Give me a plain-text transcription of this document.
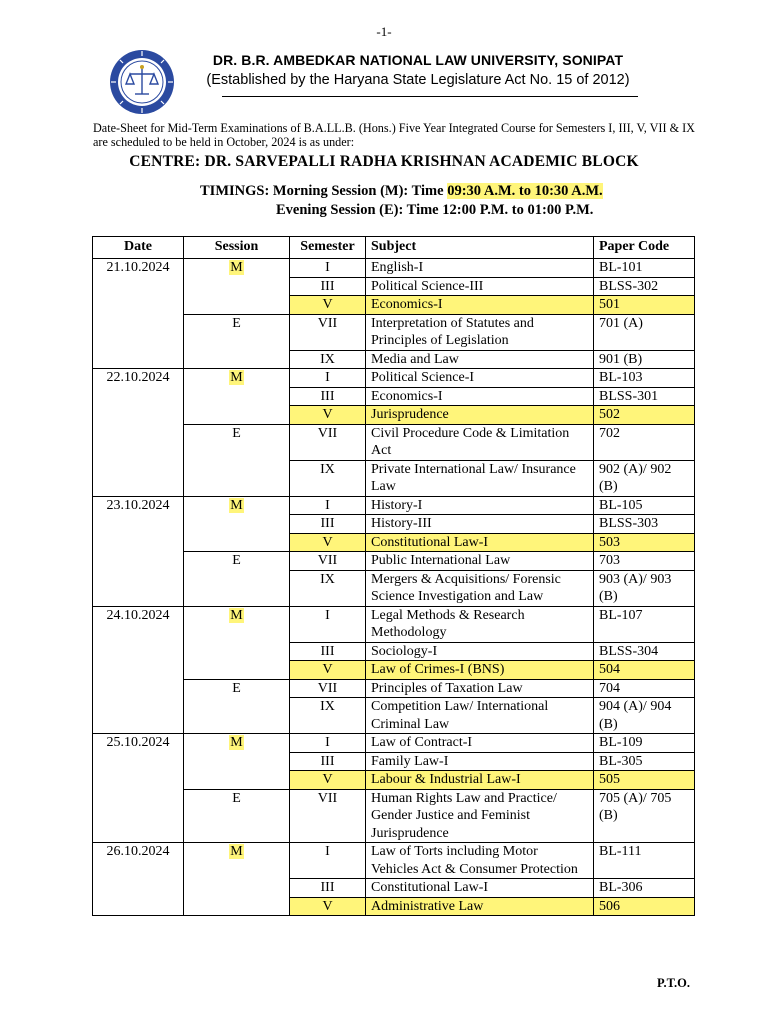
-1-
DR. B.R. AMBEDKAR NATIONAL LAW UNIVERSITY, SONIPAT
(Established by the Haryana State Legislature Act No. 15 of 2012)
Date-Sheet for Mid-Term Examinations of B.A.LL.B. (Hons.) Five Year Integrated Course for Semesters I, III, V, VII & IX are scheduled to be held in October, 2024 is as under:
CENTRE: DR. SARVEPALLI RADHA KRISHNAN ACADEMIC BLOCK
TIMINGS: Morning Session (M): Time 09:30 A.M. to 10:30 A.M.
Evening Session (E): Time 12:00 P.M. to 01:00 P.M.
Date	Session	Semester	Subject	Paper Code
21.10.2024	M	I	English-I	BL-101
		III	Political Science-III	BLSS-302
		V	Economics-I	501
	E	VII	Interpretation of Statutes and Principles of Legislation	701 (A)
		IX	Media and Law	901 (B)
22.10.2024	M	I	Political Science-I	BL-103
		III	Economics-I	BLSS-301
		V	Jurisprudence	502
	E	VII	Civil Procedure Code & Limitation Act	702
		IX	Private International Law/ Insurance Law	902 (A)/ 902 (B)
23.10.2024	M	I	History-I	BL-105
		III	History-III	BLSS-303
		V	Constitutional Law-I	503
	E	VII	Public International Law	703
		IX	Mergers & Acquisitions/ Forensic Science Investigation and Law	903 (A)/ 903 (B)
24.10.2024	M	I	Legal Methods & Research Methodology	BL-107
		III	Sociology-I	BLSS-304
		V	Law of Crimes-I (BNS)	504
	E	VII	Principles of Taxation Law	704
		IX	Competition Law/ International Criminal Law	904 (A)/ 904 (B)
25.10.2024	M	I	Law of Contract-I	BL-109
		III	Family Law-I	BL-305
		V	Labour & Industrial Law-I	505
	E	VII	Human Rights Law and Practice/ Gender Justice and Feminist Jurisprudence	705 (A)/ 705 (B)
26.10.2024	M	I	Law of Torts including Motor Vehicles Act & Consumer Protection	BL-111
		III	Constitutional Law-I	BL-306
		V	Administrative Law	506
P.T.O.
